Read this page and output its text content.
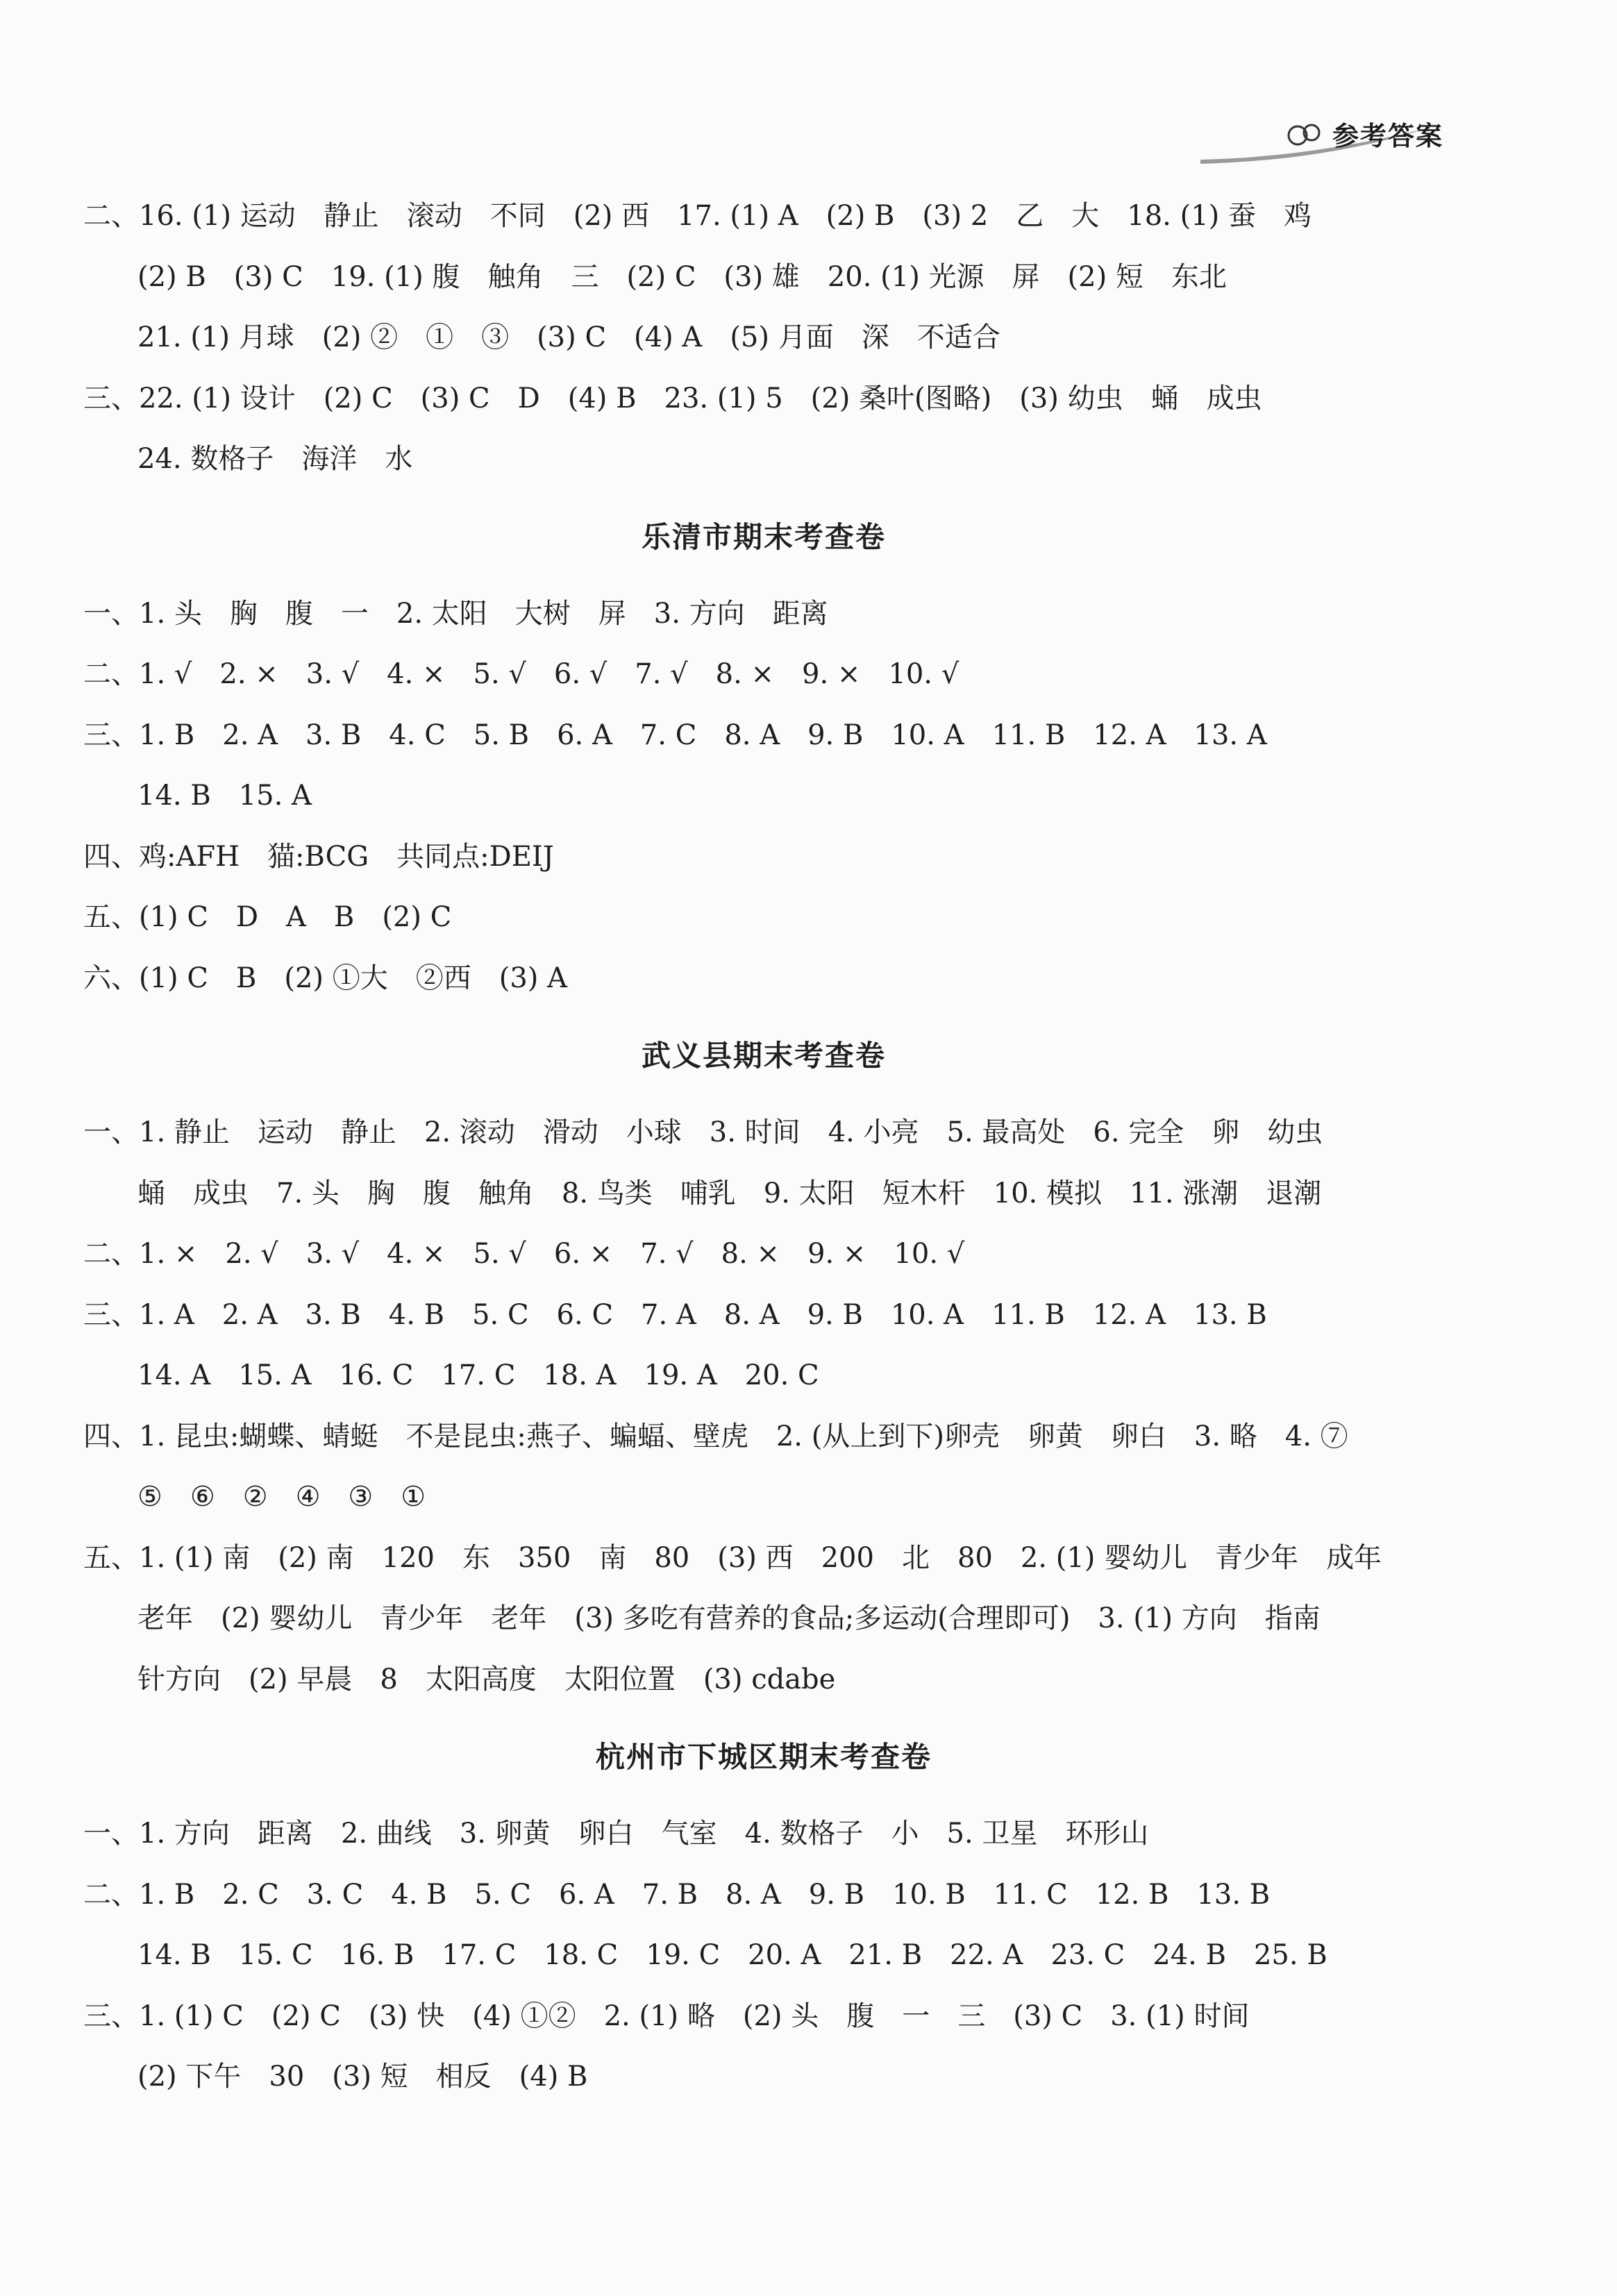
参考答案
二、16. (1) 运动　静止　滚动　不同　(2) 西　17. (1) A　(2) B　(3) 2　乙　大　18. (1) 蚕　鸡
(2) B　(3) C　19. (1) 腹　触角　三　(2) C　(3) 雄　20. (1) 光源　屏　(2) 短　东北
21. (1) 月球　(2) ②　①　③　(3) C　(4) A　(5) 月面　深　不适合
三、22. (1) 设计　(2) C　(3) C　D　(4) B　23. (1) 5　(2) 桑叶(图略)　(3) 幼虫　蛹　成虫
24. 数格子　海洋　水
乐清市期末考查卷
一、1. 头　胸　腹　一　2. 太阳　大树　屏　3. 方向　距离
二、1. √　2. ×　3. √　4. ×　5. √　6. √　7. √　8. ×　9. ×　10. √
三、1. B　2. A　3. B　4. C　5. B　6. A　7. C　8. A　9. B　10. A　11. B　12. A　13. A
14. B　15. A
四、鸡:AFH　猫:BCG　共同点:DEIJ
五、(1) C　D　A　B　(2) C
六、(1) C　B　(2) ①大　②西　(3) A
武义县期末考查卷
一、1. 静止　运动　静止　2. 滚动　滑动　小球　3. 时间　4. 小亮　5. 最高处　6. 完全　卵　幼虫
蛹　成虫　7. 头　胸　腹　触角　8. 鸟类　哺乳　9. 太阳　短木杆　10. 模拟　11. 涨潮　退潮
二、1. ×　2. √　3. √　4. ×　5. √　6. ×　7. √　8. ×　9. ×　10. √
三、1. A　2. A　3. B　4. B　5. C　6. C　7. A　8. A　9. B　10. A　11. B　12. A　13. B
14. A　15. A　16. C　17. C　18. A　19. A　20. C
四、1. 昆虫:蝴蝶、蜻蜓　不是昆虫:燕子、蝙蝠、壁虎　2. (从上到下)卵壳　卵黄　卵白　3. 略　4. ⑦
⑤　⑥　②　④　③　①
五、1. (1) 南　(2) 南　120　东　350　南　80　(3) 西　200　北　80　2. (1) 婴幼儿　青少年　成年
老年　(2) 婴幼儿　青少年　老年　(3) 多吃有营养的食品;多运动(合理即可)　3. (1) 方向　指南
针方向　(2) 早晨　8　太阳高度　太阳位置　(3) cdabe
杭州市下城区期末考查卷
一、1. 方向　距离　2. 曲线　3. 卵黄　卵白　气室　4. 数格子　小　5. 卫星　环形山
二、1. B　2. C　3. C　4. B　5. C　6. A　7. B　8. A　9. B　10. B　11. C　12. B　13. B
14. B　15. C　16. B　17. C　18. C　19. C　20. A　21. B　22. A　23. C　24. B　25. B
三、1. (1) C　(2) C　(3) 快　(4) ①②　2. (1) 略　(2) 头　腹　一　三　(3) C　3. (1) 时间
(2) 下午　30　(3) 短　相反　(4) B
